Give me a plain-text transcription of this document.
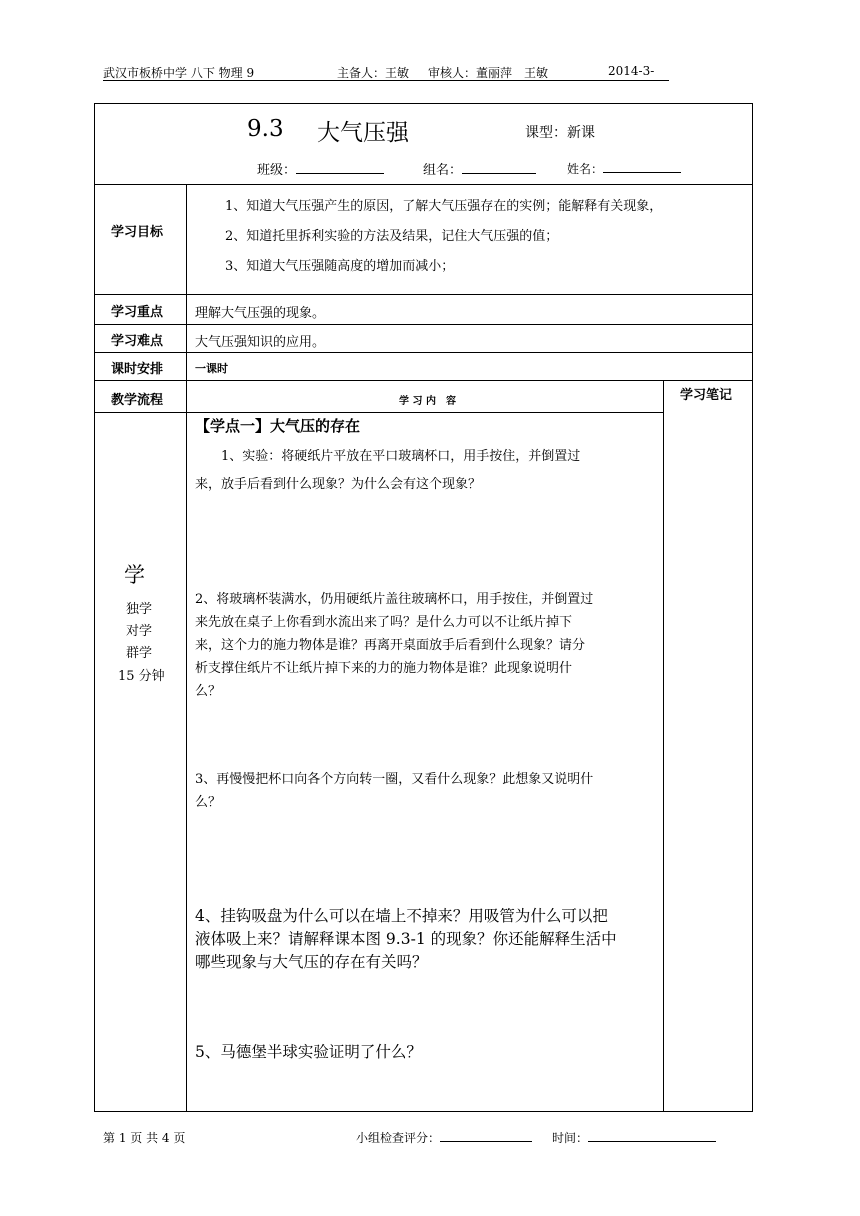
武汉市板桥中学 八下 物理 9	主备人：王敏 审核人：董丽萍　王敏	2014-3-
9.3 大气压强	课型：新课
班级：	组名：	姓名：
学习目标
1、知道大气压强产生的原因，了解大气压强存在的实例；能解释有关现象，
2、知道托里拆利实验的方法及结果，记住大气压强的值；
3、知道大气压强随高度的增加而减小；
学习重点 理解大气压强的现象。
学习难点 大气压强知识的应用。
课时安排	一课时
教学流程	学 习 内　容	学习笔记
学
独学
对学
群学
15 分钟
【学点一】大气压的存在
　　1、实验：将硬纸片平放在平口玻璃杯口，用手按住，并倒置过
来，放手后看到什么现象？为什么会有这个现象？
2、将玻璃杯装满水，仍用硬纸片盖往玻璃杯口，用手按住，并倒置过
来先放在桌子上你看到水流出来了吗？是什么力可以不让纸片掉下
来，这个力的施力物体是谁？再离开桌面放手后看到什么现象？请分
析支撑住纸片不让纸片掉下来的力的施力物体是谁？此现象说明什
么？
3、再慢慢把杯口向各个方向转一圈，又看什么现象？此想象又说明什
么？
4、挂钩吸盘为什么可以在墙上不掉来？用吸管为什么可以把
液体吸上来？请解释课本图 9.3-1 的现象？你还能解释生活中
哪些现象与大气压的存在有关吗？
5、马德堡半球实验证明了什么？
第 1 页 共 4 页	小组检查评分：	时间：
